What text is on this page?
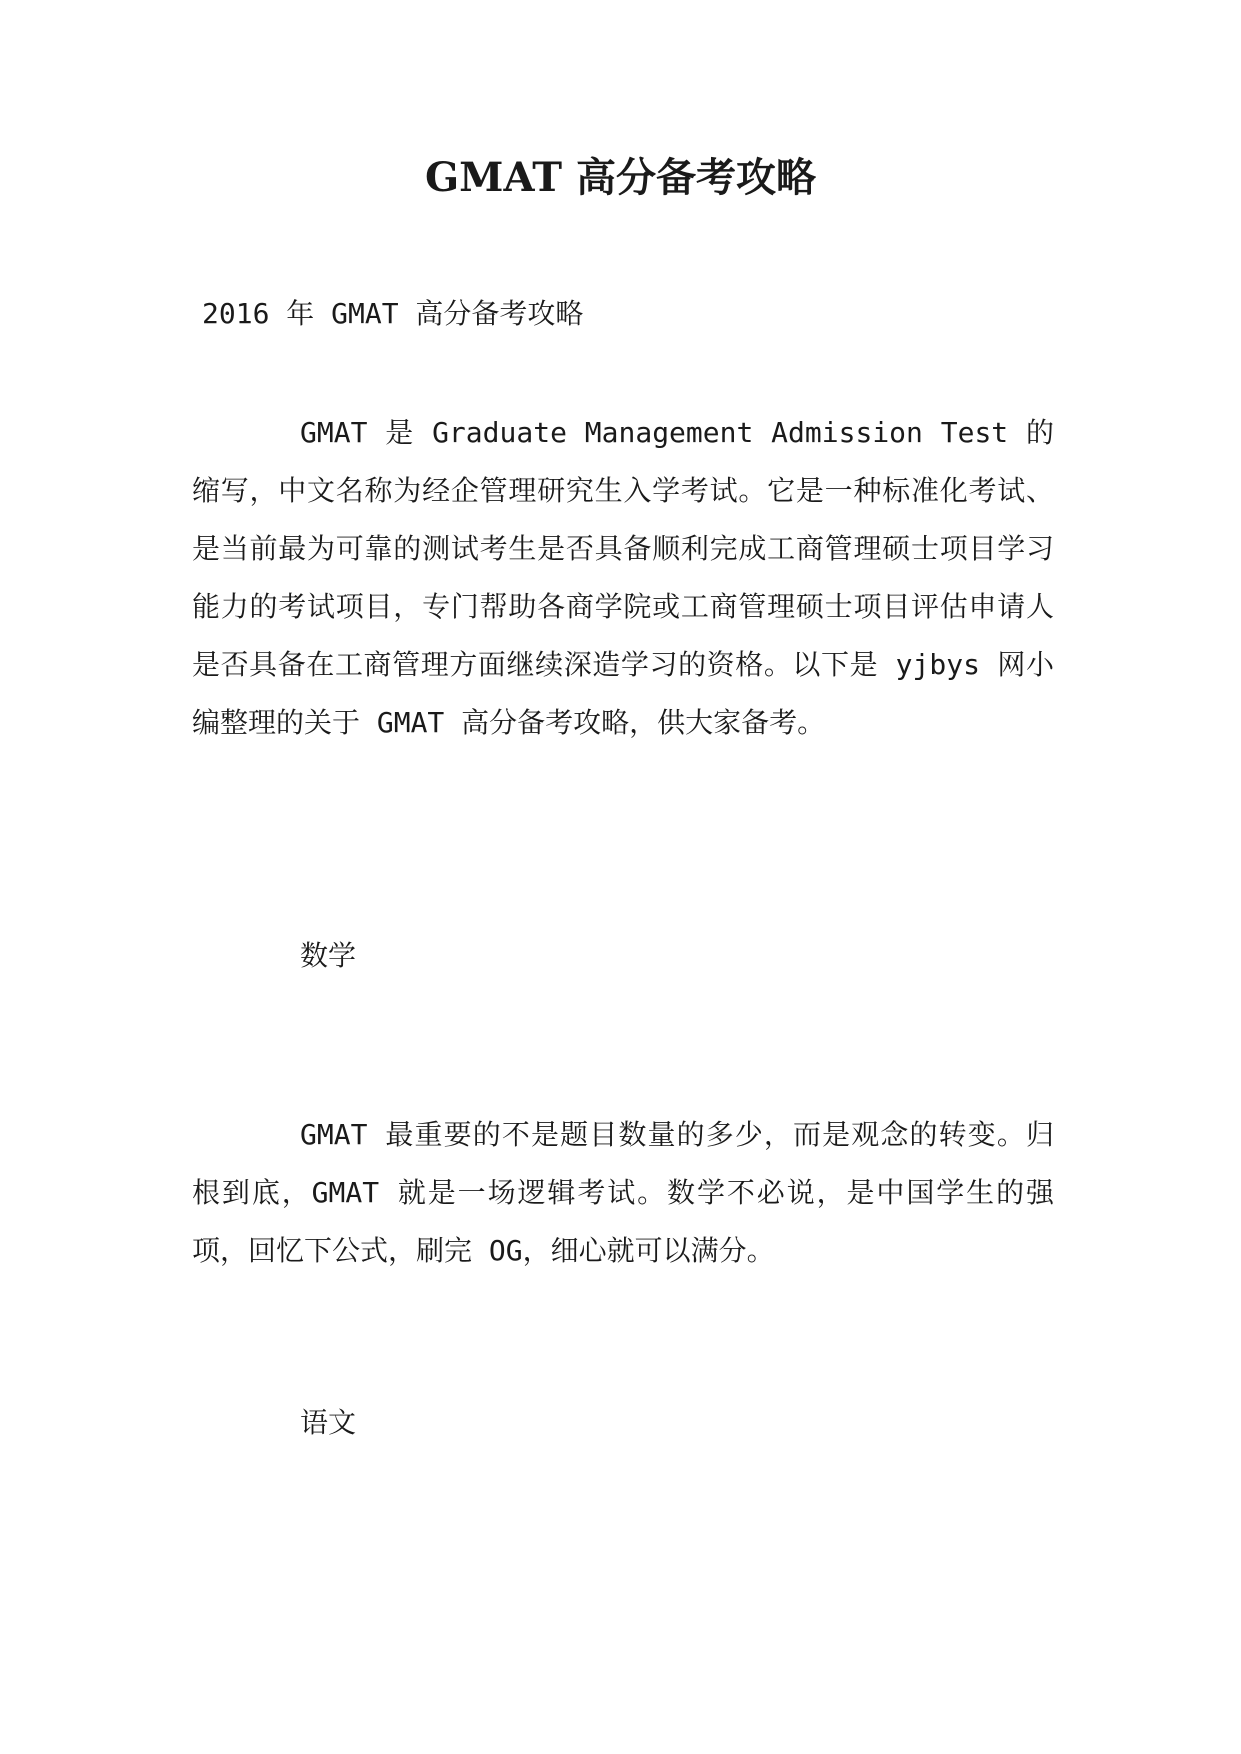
GMAT 高分备考攻略

2016 年 GMAT 高分备考攻略

GMAT 是 Graduate Management Admission Test 的缩写，中文名称为经企管理研究生入学考试。它是一种标准化考试、是当前最为可靠的测试考生是否具备顺利完成工商管理硕士项目学习能力的考试项目，专门帮助各商学院或工商管理硕士项目评估申请人是否具备在工商管理方面继续深造学习的资格。以下是 yjbys 网小编整理的关于 GMAT 高分备考攻略，供大家备考。

数学

GMAT 最重要的不是题目数量的多少，而是观念的转变。归根到底，GMAT 就是一场逻辑考试。数学不必说，是中国学生的强项，回忆下公式，刷完 OG，细心就可以满分。

语文
